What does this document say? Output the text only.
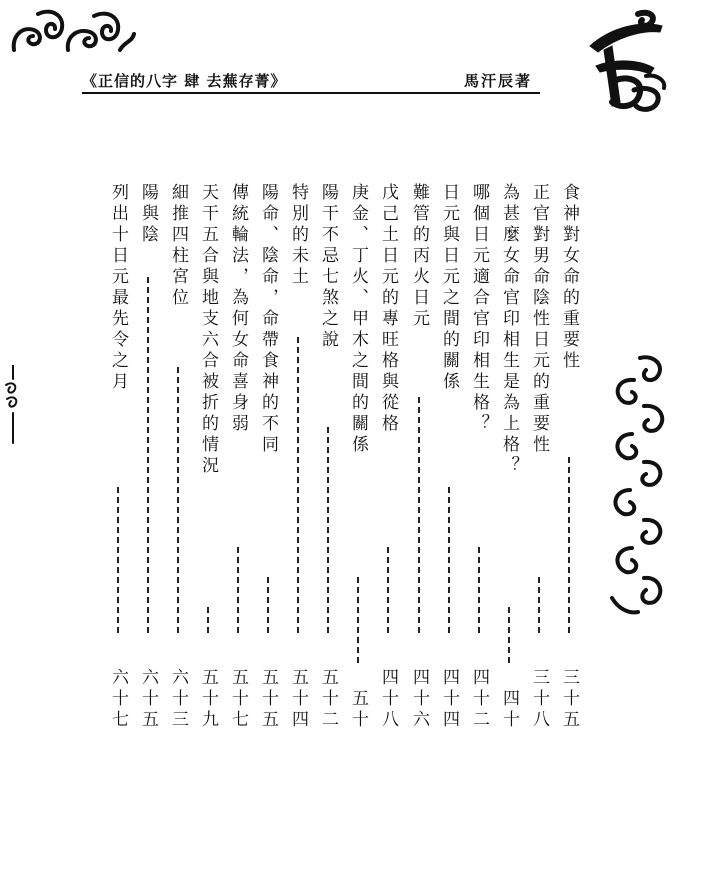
《正信的八字 肆 去蕪存菁》	馬汗辰著
食神對女命的重要性
三十五
正官對男命陰性日元的重要性
三十八
為甚麼女命官印相生是為上格？
四十
哪個日元適合官印相生格？
四十二
日元與日元之間的關係
四十四
難管的丙火日元
四十六
戊己土日元的專旺格與從格
四十八
庚金、丁火、甲木之間的關係
五十
陽干不忌七煞之說
五十二
特別的未土
五十四
陽命、陰命，命帶食神的不同
五十五
傳統輪法，為何女命喜身弱
五十七
天干五合與地支六合被折的情況
五十九
細推四柱宮位
六十三
陽與陰
六十五
列出十日元最先令之月
六十七
